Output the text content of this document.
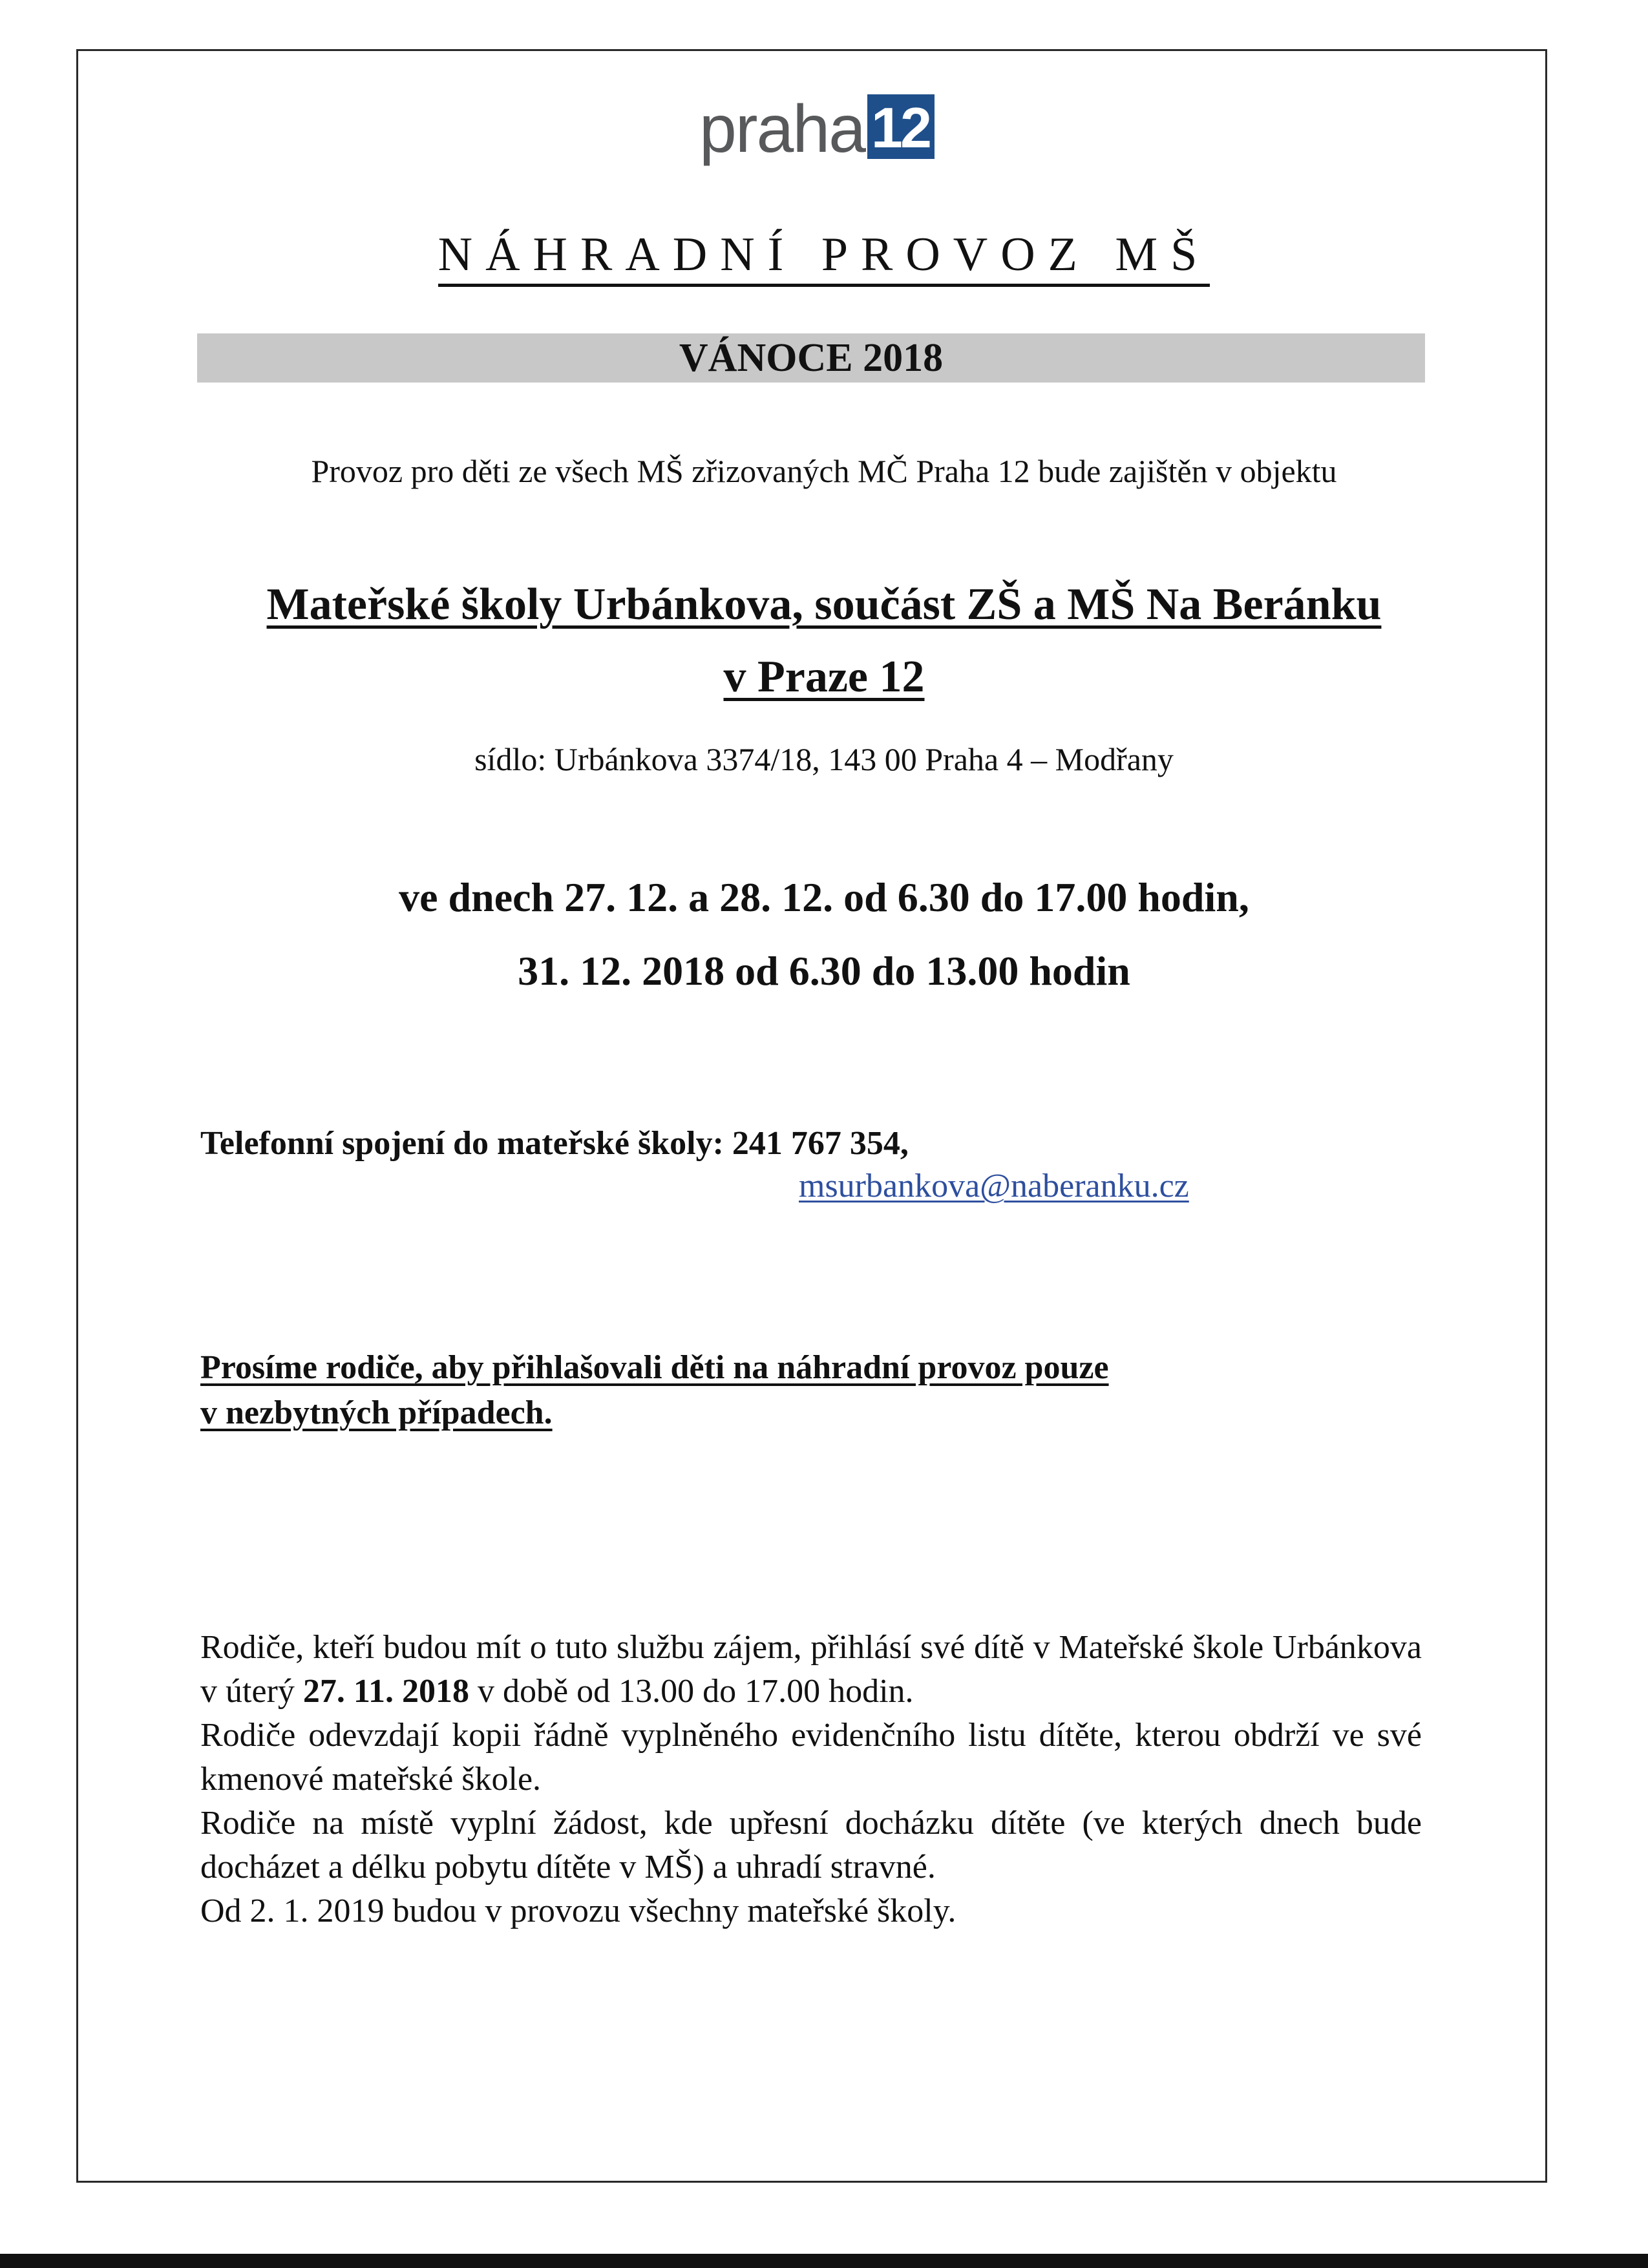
praha 12
NÁHRADNÍ PROVOZ MŠ
VÁNOCE 2018
Provoz pro děti ze všech MŠ zřizovaných MČ Praha 12 bude zajištěn v objektu
Mateřské školy Urbánkova, součást ZŠ a MŠ Na Beránku
v Praze 12
sídlo: Urbánkova 3374/18, 143 00 Praha 4 – Modřany
ve dnech 27. 12. a 28. 12. od 6.30 do 17.00 hodin,
31. 12. 2018 od 6.30 do 13.00 hodin
Telefonní spojení do mateřské školy: 241 767 354,
msurbankova@naberanku.cz
Prosíme rodiče, aby přihlašovali děti na náhradní provoz pouze
v nezbytných případech.

Rodiče, kteří budou mít o tuto službu zájem, přihlásí své dítě v Mateřské škole Urbánkova v úterý 27. 11. 2018 v době od 13.00 do 17.00 hodin.

Rodiče odevzdají kopii řádně vyplněného evidenčního listu dítěte, kterou obdrží ve své kmenové mateřské škole.

Rodiče na místě vyplní žádost, kde upřesní docházku dítěte (ve kterých dnech bude docházet a délku pobytu dítěte v MŠ) a uhradí stravné.

Od 2. 1. 2019 budou v provozu všechny mateřské školy.
